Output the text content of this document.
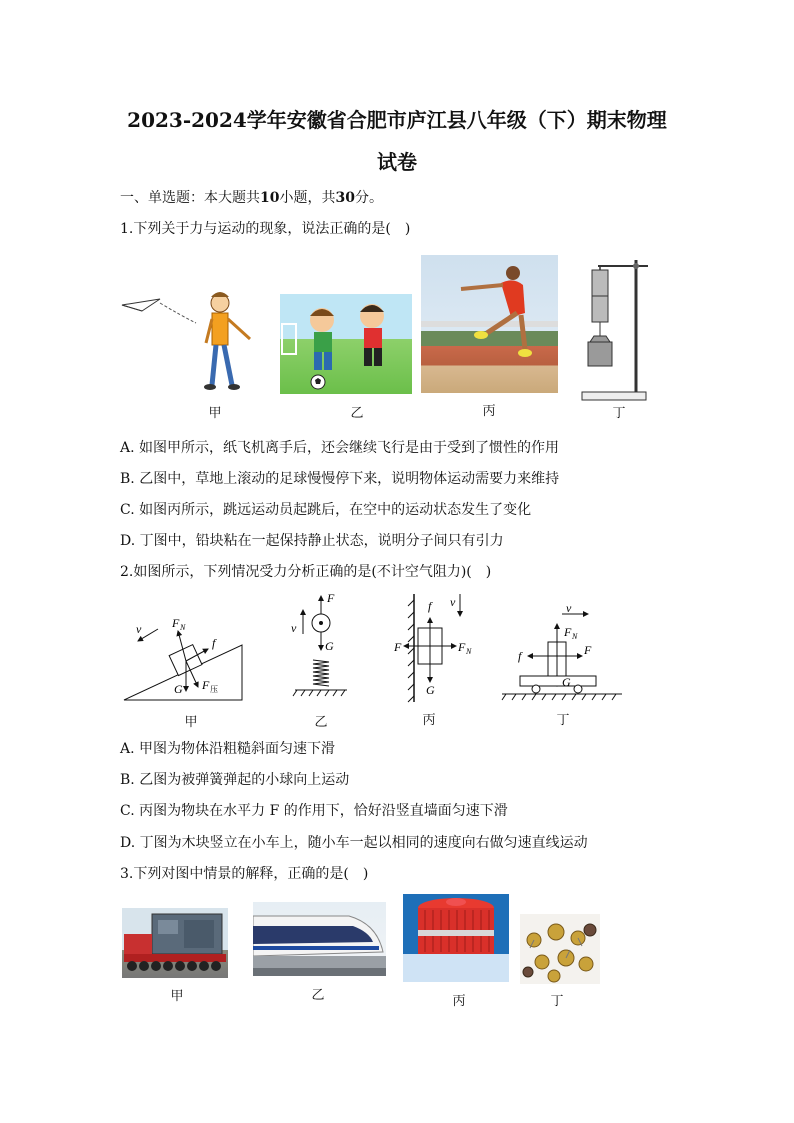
2023-2024学年安徽省合肥市庐江县八年级（下）期末物理
试卷
一、单选题：本大题共10小题，共30分。
1.下列关于力与运动的现象，说法正确的是(　)
甲	乙	丙	丁
A. 如图甲所示，纸飞机离手后，还会继续飞行是由于受到了惯性的作用
B. 乙图中，草地上滚动的足球慢慢停下来，说明物体运动需要力来维持
C. 如图丙所示，跳远运动员起跳后，在空中的运动状态发生了变化
D. 丁图中，铅块粘在一起保持静止状态，说明分子间只有引力
2.如图所示，下列情况受力分析正确的是(不计空气阻力)(　)
v	F N
f
G F 压
甲
F
G
v
乙
f v
F	F N
G
丙
v
F N
f	F
G
丁
A. 甲图为物体沿粗糙斜面匀速下滑
B. 乙图为被弹簧弹起的小球向上运动
C. 丙图为物块在水平力 F 的作用下，恰好沿竖直墙面匀速下滑
D. 丁图为木块竖立在小车上，随小车一起以相同的速度向右做匀速直线运动
3.下列对图中情景的解释，正确的是(　)
甲	乙	丙	丁
